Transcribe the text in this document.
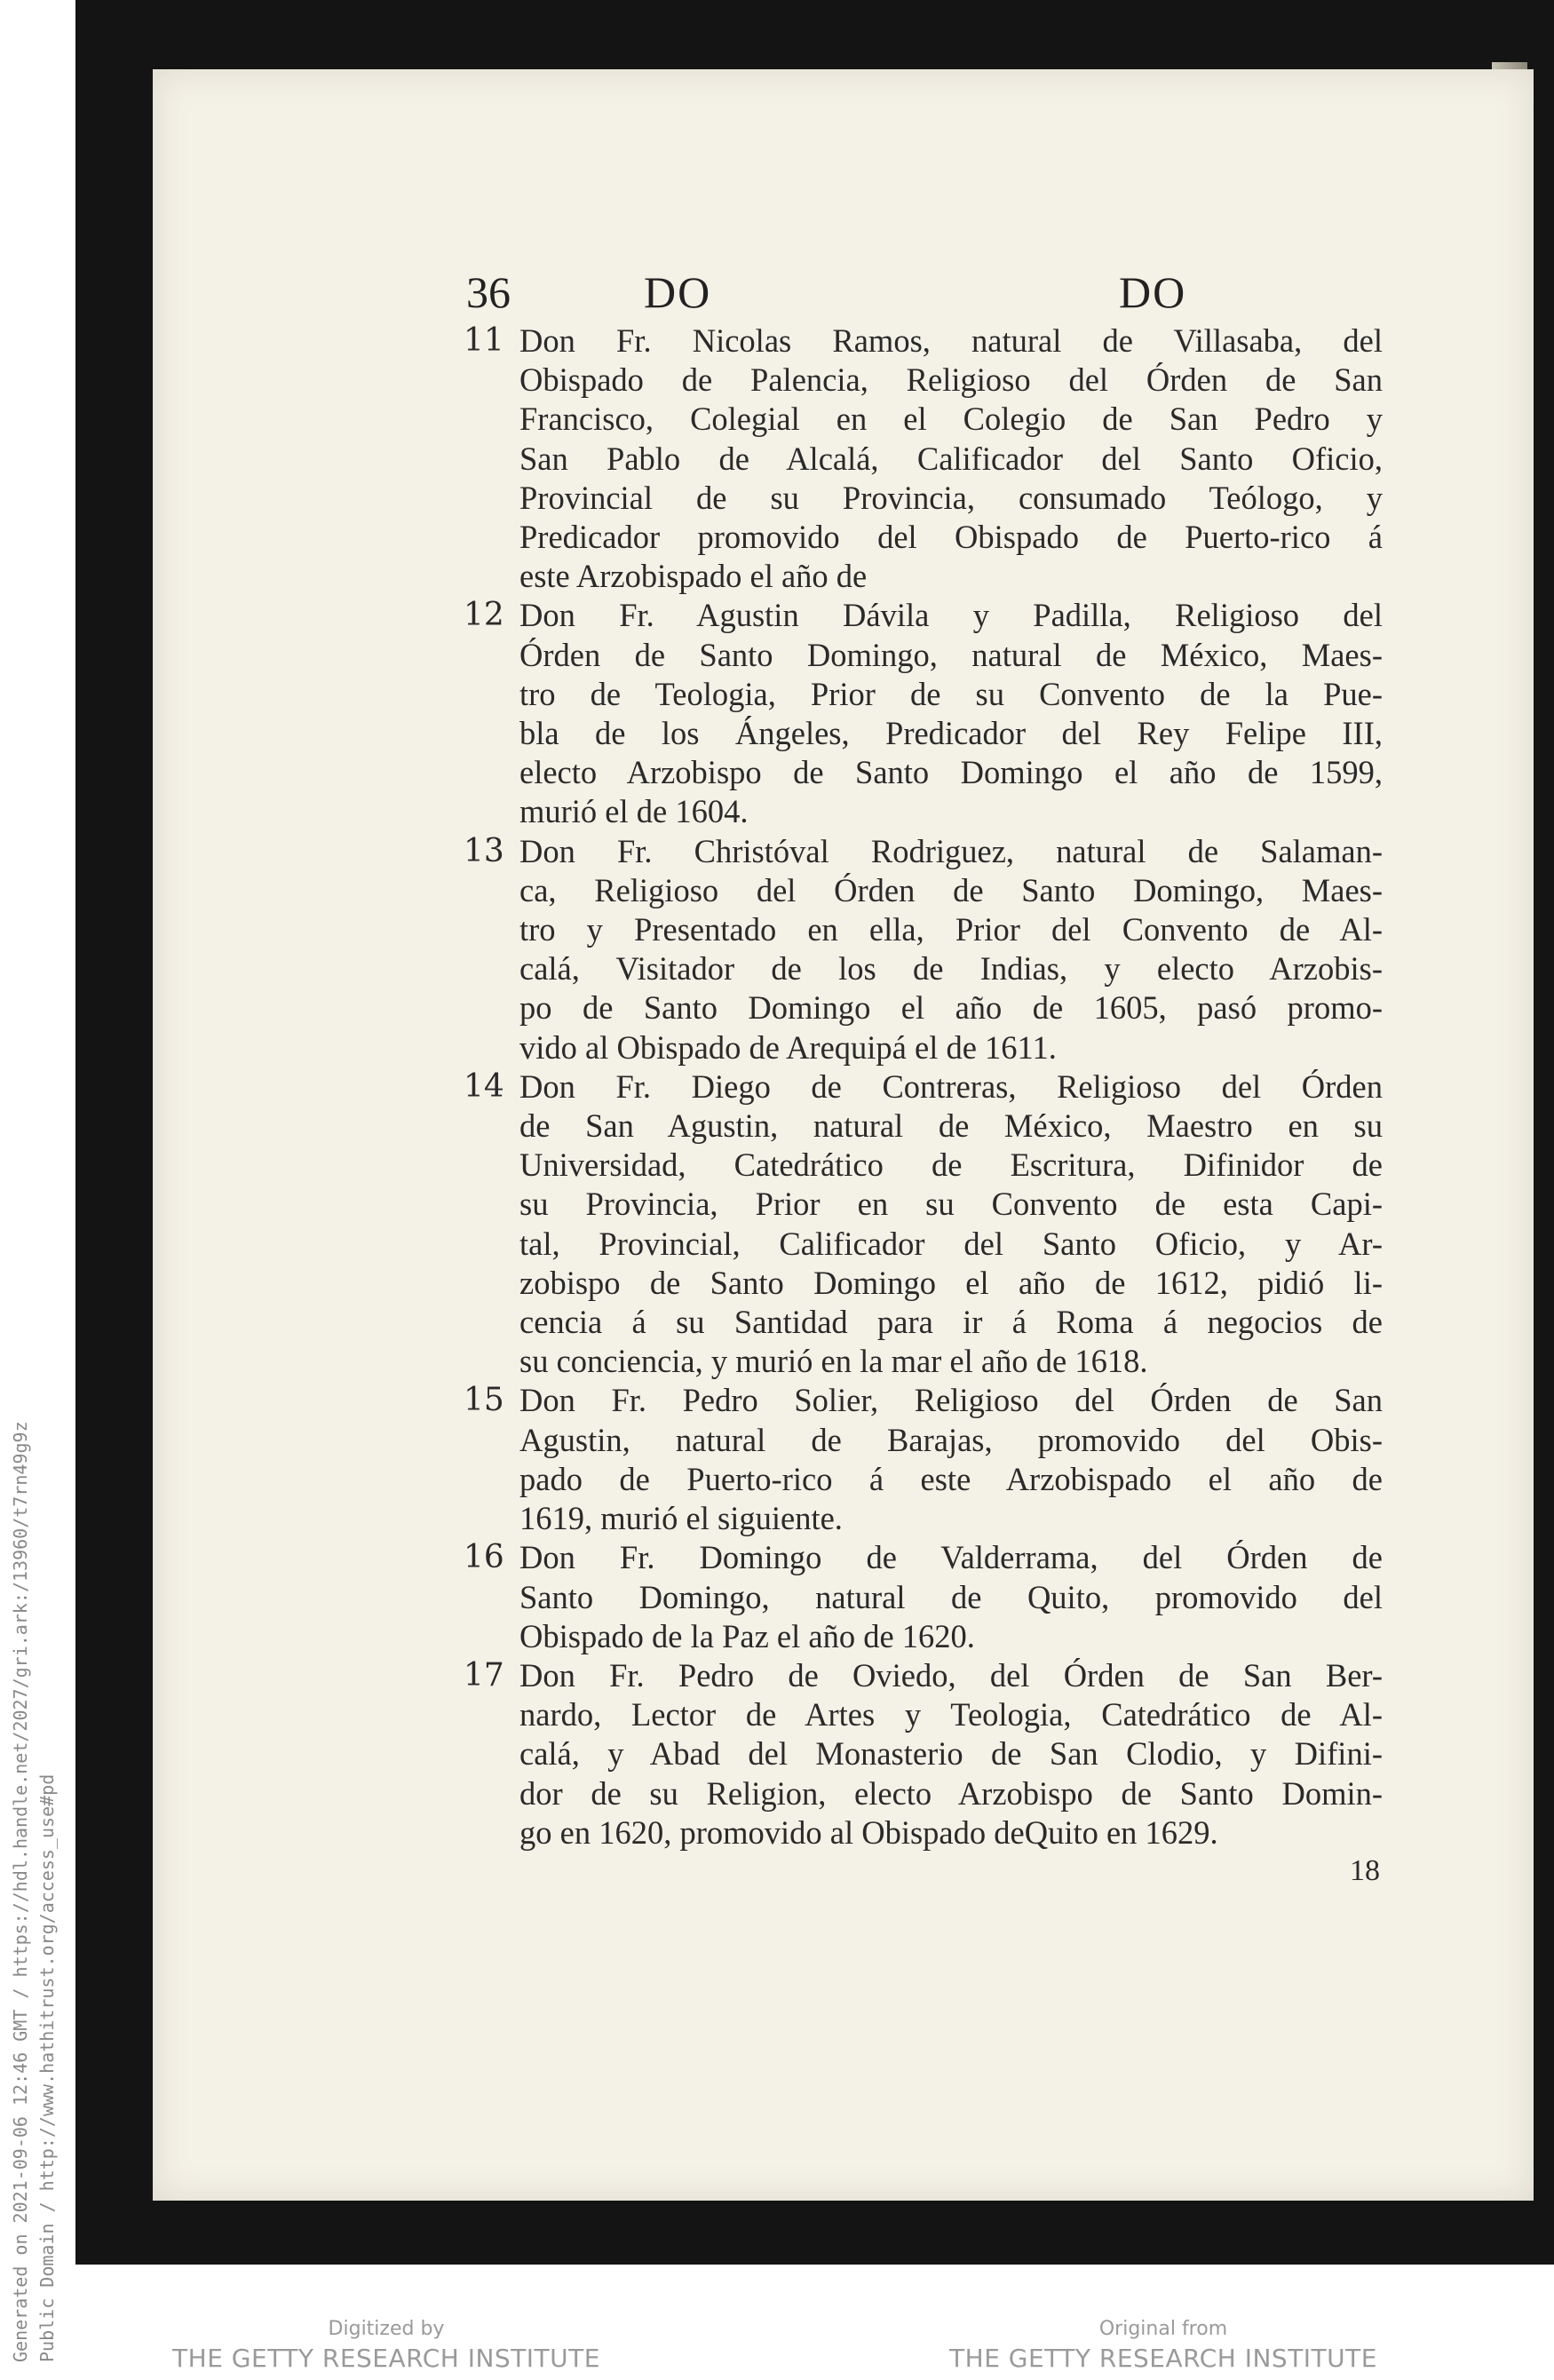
36	DO	DO
11 Don Fr. Nicolas Ramos, natural de Villasaba, del
Obispado de Palencia, Religioso del Órden de San
Francisco, Colegial en el Colegio de San Pedro y
San Pablo de Alcalá, Calificador del Santo Oficio,
Provincial de su Provincia, consumado Teólogo, y
Predicador promovido del Obispado de Puerto-rico á
este Arzobispado el año de
12 Don Fr. Agustin Dávila y Padilla, Religioso del
Órden de Santo Domingo, natural de México, Maes-
tro de Teologia, Prior de su Convento de la Pue-
bla de los Ángeles, Predicador del Rey Felipe III,
electo Arzobispo de Santo Domingo el año de 1599,
murió el de 1604.
13 Don Fr. Christóval Rodriguez, natural de Salaman-
ca, Religioso del Órden de Santo Domingo, Maes-
tro y Presentado en ella, Prior del Convento de Al-
calá, Visitador de los de Indias, y electo Arzobis-
po de Santo Domingo el año de 1605, pasó promo-
vido al Obispado de Arequipá el de 1611.
14 Don Fr. Diego de Contreras, Religioso del Órden
de San Agustin, natural de México, Maestro en su
Universidad, Catedrático de Escritura, Difinidor de
su Provincia, Prior en su Convento de esta Capi-
tal, Provincial, Calificador del Santo Oficio, y Ar-
zobispo de Santo Domingo el año de 1612, pidió li-
cencia á su Santidad para ir á Roma á negocios de
su conciencia, y murió en la mar el año de 1618.
15 Don Fr. Pedro Solier, Religioso del Órden de San
Agustin, natural de Barajas, promovido del Obis-
pado de Puerto-rico á este Arzobispado el año de
1619, murió el siguiente.
16 Don Fr. Domingo de Valderrama, del Órden de
Santo Domingo, natural de Quito, promovido del
Obispado de la Paz el año de 1620.
17 Don Fr. Pedro de Oviedo, del Órden de San Ber-
nardo, Lector de Artes y Teologia, Catedrático de Al-
calá, y Abad del Monasterio de San Clodio, y Difini-
dor de su Religion, electo Arzobispo de Santo Domin-
go en 1620, promovido al Obispado deQuito en 1629.
18
Generated on 2021-09-06 12:46 GMT / https://hdl.handle.net/2027/gri.ark:/13960/t7rn49g9z Public Domain / http://www.hathitrust.org/access_use#pd	Digitized by
THE GETTY RESEARCH INSTITUTE
Original from
THE GETTY RESEARCH INSTITUTE
